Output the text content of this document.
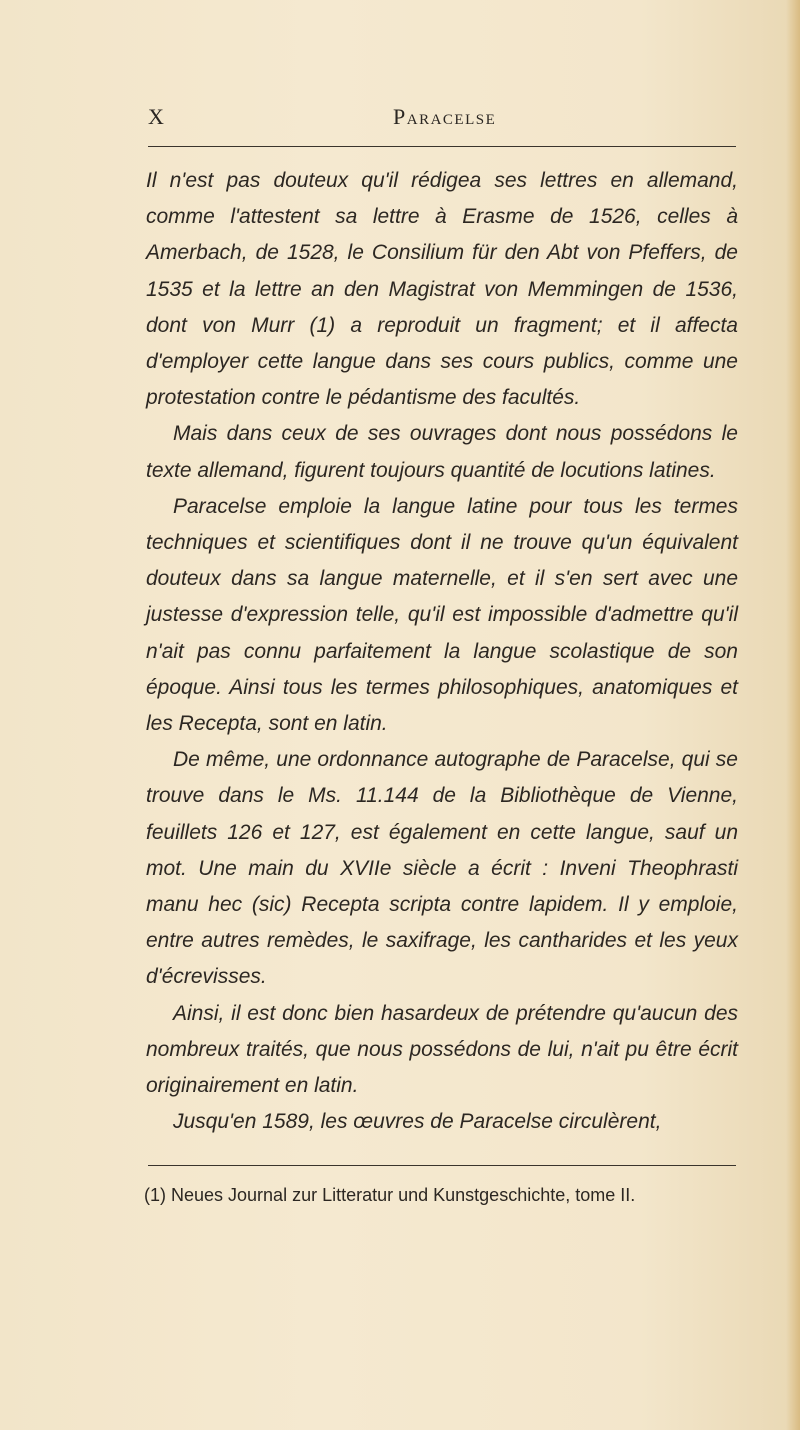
X	Paracelse

Il n'est pas douteux qu'il rédigea ses lettres en allemand, comme l'attestent sa lettre à Erasme de 1526, celles à Amerbach, de 1528, le Consilium für den Abt von Pfeffers, de 1535 et la lettre an den Magistrat von Memmingen de 1536, dont von Murr (1) a reproduit un fragment; et il affecta d'employer cette langue dans ses cours publics, comme une protestation contre le pédantisme des facultés.

Mais dans ceux de ses ouvrages dont nous possédons le texte allemand, figurent toujours quantité de locutions latines.

Paracelse emploie la langue latine pour tous les termes techniques et scientifiques dont il ne trouve qu'un équivalent douteux dans sa langue maternelle, et il s'en sert avec une justesse d'expression telle, qu'il est impossible d'admettre qu'il n'ait pas connu parfaitement la langue scolastique de son époque. Ainsi tous les termes philosophiques, anatomiques et les Recepta, sont en latin.

De même, une ordonnance autographe de Paracelse, qui se trouve dans le Ms. 11.144 de la Bibliothèque de Vienne, feuillets 126 et 127, est également en cette langue, sauf un mot. Une main du XVIIe siècle a écrit : Inveni Theophrasti manu hec (sic) Recepta scripta contre lapidem. Il y emploie, entre autres remèdes, le saxifrage, les cantharides et les yeux d'écrevisses.

Ainsi, il est donc bien hasardeux de prétendre qu'aucun des nombreux traités, que nous possédons de lui, n'ait pu être écrit originairement en latin.

Jusqu'en 1589, les œuvres de Paracelse circulèrent,

(1) Neues Journal zur Litteratur und Kunstgeschichte, tome II.
